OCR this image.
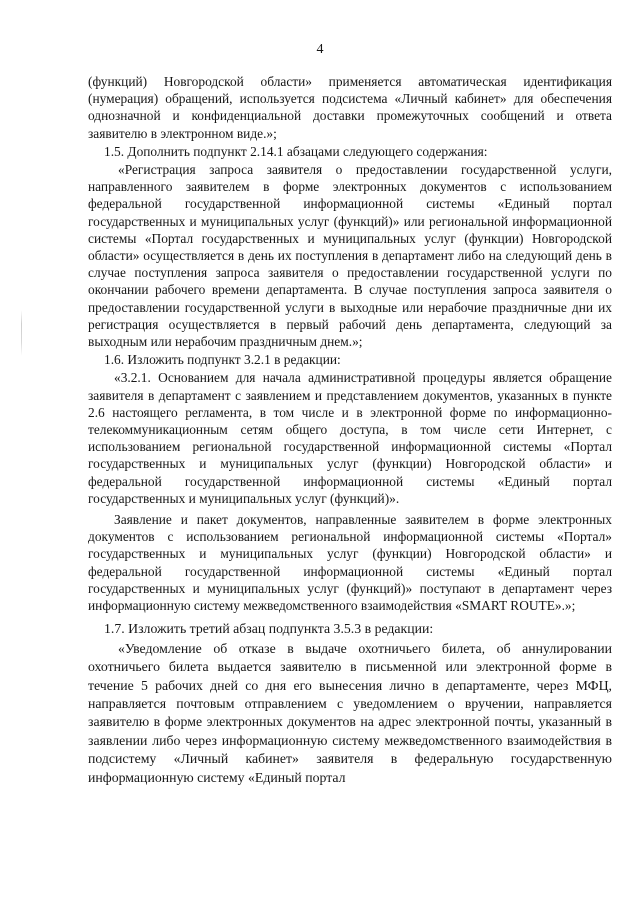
4

(функций) Новгородской области» применяется автоматическая идентификация (нумерация) обращений, используется подсистема «Личный кабинет» для обеспечения однозначной и конфиденциальной доставки промежуточных сообщений и ответа заявителю в электронном виде.»;

1.5. Дополнить подпункт 2.14.1 абзацами следующего содержания:

«Регистрация запроса заявителя о предоставлении государственной услуги, направленного заявителем в форме электронных документов с использованием федеральной государственной информационной системы «Единый портал государственных и муниципальных услуг (функций)» или региональной информационной системы «Портал государственных и муниципальных услуг (функции) Новгородской области» осуществляется в день их поступления в департамент либо на следующий день в случае поступления запроса заявителя о предоставлении государственной услуги по окончании рабочего времени департамента. В случае поступления запроса заявителя о предоставлении государственной услуги в выходные или нерабочие праздничные дни их регистрация осуществляется в первый рабочий день департамента, следующий за выходным или нерабочим праздничным днем.»;

1.6. Изложить подпункт 3.2.1 в редакции:

«3.2.1. Основанием для начала административной процедуры является обращение заявителя в департамент с заявлением и представлением документов, указанных в пункте 2.6 настоящего регламента, в том числе и в электронной форме по информационно-телекоммуникационным сетям общего доступа, в том числе сети Интернет, с использованием региональной государственной информационной системы «Портал государственных и муниципальных услуг (функции) Новгородской области» и федеральной государственной информационной системы «Единый портал государственных и муниципальных услуг (функций)».

Заявление и пакет документов, направленные заявителем в форме электронных документов с использованием региональной информационной системы «Портал» государственных и муниципальных услуг (функции) Новгородской области» и федеральной государственной информационной системы «Единый портал государственных и муниципальных услуг (функций)» поступают в департамент через информационную систему межведомственного взаимодействия «SMART ROUTE».»;

1.7. Изложить третий абзац подпункта 3.5.3 в редакции:

«Уведомление об отказе в выдаче охотничьего билета, об аннулировании охотничьего билета выдается заявителю в письменной или электронной форме в течение 5 рабочих дней со дня его вынесения лично в департаменте, через МФЦ, направляется почтовым отправлением с уведомлением о вручении, направляется заявителю в форме электронных документов на адрес электронной почты, указанный в заявлении либо через информационную систему межведомственного взаимодействия в подсистему «Личный кабинет» заявителя в федеральную государственную информационную систему «Единый портал
